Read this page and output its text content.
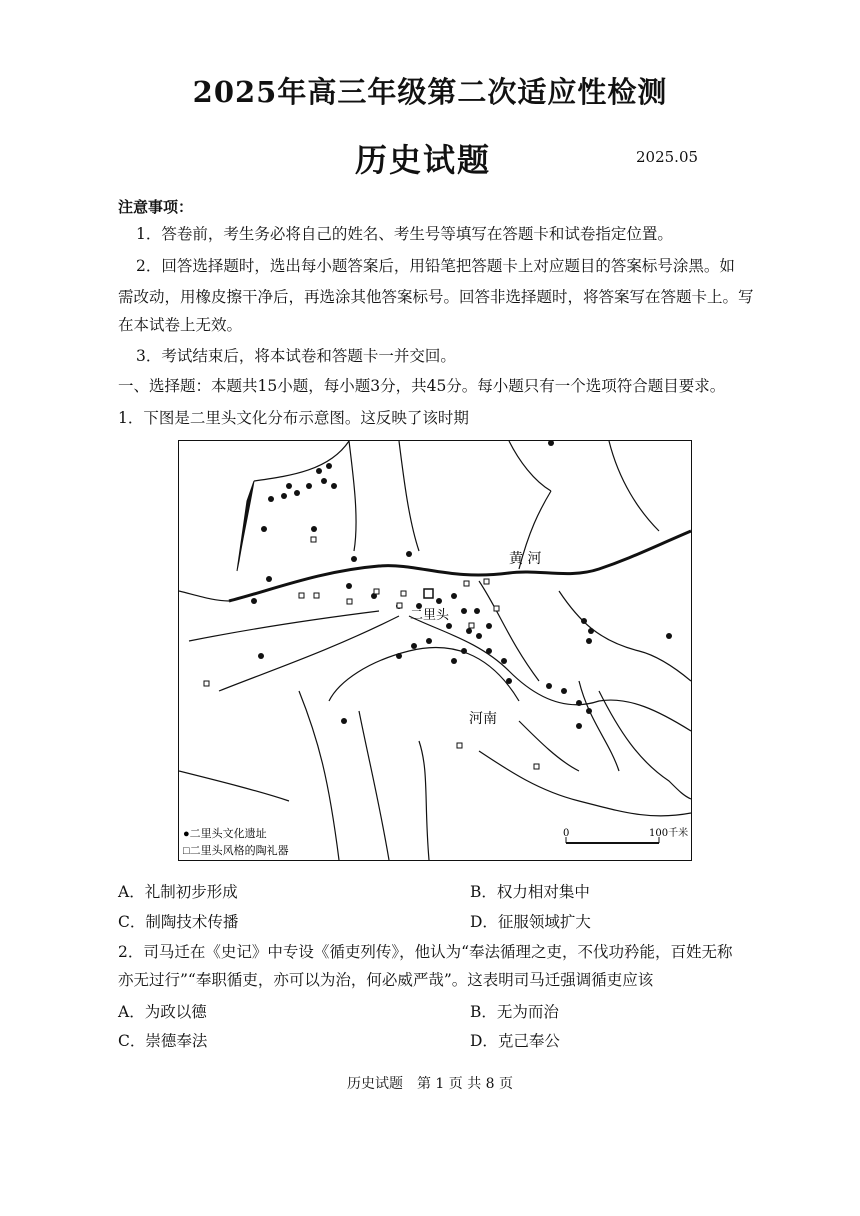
2025年高三年级第二次适应性检测
历史试题	2025.05
注意事项：
1．答卷前，考生务必将自己的姓名、考生号等填写在答题卡和试卷指定位置。
2．回答选择题时，选出每小题答案后，用铅笔把答题卡上对应题目的答案标号涂黑。如
需改动，用橡皮擦干净后，再选涂其他答案标号。回答非选择题时，将答案写在答题卡上。写
在本试卷上无效。
3．考试结束后，将本试卷和答题卡一并交回。
一、选择题：本题共15小题，每小题3分，共45分。每小题只有一个选项符合题目要求。
1．下图是二里头文化分布示意图。这反映了该时期
黄 河
二里头
河南
●二里头文化遗址
□二里头风格的陶礼器
0	100千米
A．礼制初步形成	B．权力相对集中
C．制陶技术传播	D．征服领域扩大
2．司马迁在《史记》中专设《循吏列传》，他认为“奉法循理之吏，不伐功矜能，百姓无称
亦无过行”“奉职循吏，亦可以为治，何必威严哉”。这表明司马迁强调循吏应该
A．为政以德	B．无为而治
C．崇德奉法	D．克己奉公
历史试题　第 1 页 共 8 页
